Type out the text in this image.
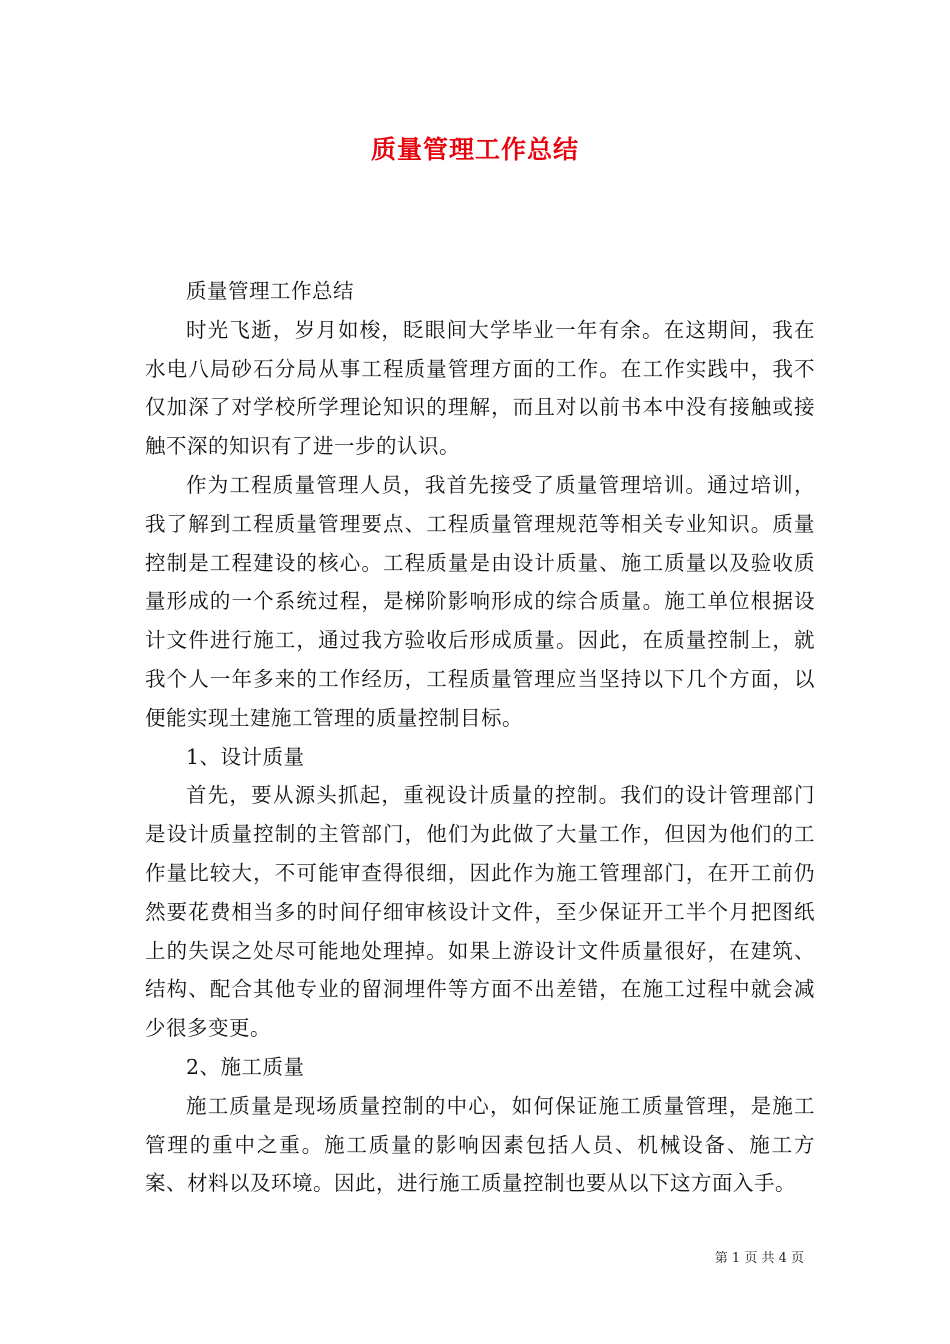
质量管理工作总结

质量管理工作总结

时光飞逝，岁月如梭，眨眼间大学毕业一年有余。在这期间，我在水电八局砂石分局从事工程质量管理方面的工作。在工作实践中，我不仅加深了对学校所学理论知识的理解，而且对以前书本中没有接触或接触不深的知识有了进一步的认识。

作为工程质量管理人员，我首先接受了质量管理培训。通过培训，我了解到工程质量管理要点、工程质量管理规范等相关专业知识。质量控制是工程建设的核心。工程质量是由设计质量、施工质量以及验收质量形成的一个系统过程，是梯阶影响形成的综合质量。施工单位根据设计文件进行施工，通过我方验收后形成质量。因此，在质量控制上，就我个人一年多来的工作经历，工程质量管理应当坚持以下几个方面，以便能实现土建施工管理的质量控制目标。

1、设计质量

首先，要从源头抓起，重视设计质量的控制。我们的设计管理部门是设计质量控制的主管部门，他们为此做了大量工作，但因为他们的工作量比较大，不可能审查得很细，因此作为施工管理部门，在开工前仍然要花费相当多的时间仔细审核设计文件，至少保证开工半个月把图纸上的失误之处尽可能地处理掉。如果上游设计文件质量很好，在建筑、结构、配合其他专业的留洞埋件等方面不出差错，在施工过程中就会减少很多变更。

2、施工质量

施工质量是现场质量控制的中心，如何保证施工质量管理，是施工管理的重中之重。施工质量的影响因素包括人员、机械设备、施工方案、材料以及环境。因此，进行施工质量控制也要从以下这方面入手。

第 1 页 共 4 页
